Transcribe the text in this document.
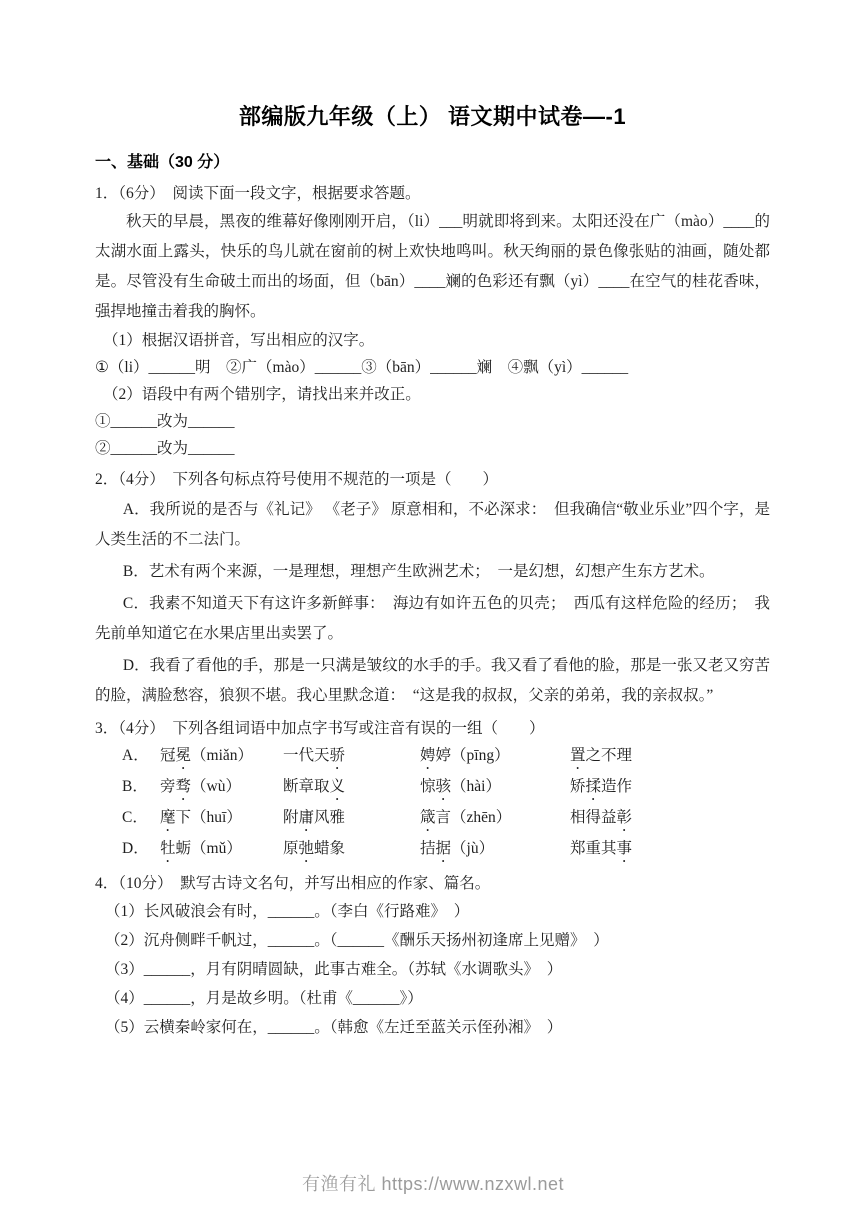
部编版九年级（上） 语文期中试卷—-1
一、基础（30 分）

1．（6分）　阅读下面一段文字，根据要求答题。

秋天的早晨，黑夜的维幕好像刚刚开启，（li）___明就即将到来。太阳还没在广（mào）____的太湖水面上露头，快乐的鸟儿就在窗前的树上欢快地鸣叫。秋天绚丽的景色像张贴的油画，随处都是。尽管没有生命破土而出的场面，但（bān）____斓的色彩还有飘（yì）____在空气的桂花香味，强捍地撞击着我的胸怀。

（1）根据汉语拼音，写出相应的汉字。

①（li）______明　②广（mào）______③（bān）______斓　④飘（yì）______

（2）语段中有两个错别字，请找出来并改正。

①______改为______

②______改为______

2．（4分）　下列各句标点符号使用不规范的一项是（　　）

A．我所说的是否与《礼记》 《老子》 原意相和，不必深求：　但我确信“敬业乐业”四个字，是人类生活的不二法门。

B．艺术有两个来源，一是理想，理想产生欧洲艺术；　一是幻想，幻想产生东方艺术。

C．我素不知道天下有这许多新鲜事：　海边有如许五色的贝壳；　西瓜有这样危险的经历；　我先前单知道它在水果店里出卖罢了。

D．我看了看他的手，那是一只满是皱纹的水手的手。我又看了看他的脸，那是一张又老又穷苦的脸，满脸愁容，狼狈不堪。我心里默念道：　“这是我的叔叔，父亲的弟弟，我的亲叔叔。”

3．（4分）　下列各组词语中加点字书写或注音有误的一组（　　）

A． 冠冕（miǎn）	一代天骄	娉婷（pīng）	置之不理
B． 旁骛（wù）	断章取义	惊骇（hài）	矫揉造作
C． 麾下（huī）	附庸风雅	箴言（zhēn）	相得益彰
D． 牡蛎（mǔ）	原弛蜡象	拮据（jù）	郑重其事

4．（10分）　默写古诗文名句，并写出相应的作家、篇名。

（1）长风破浪会有时，______。（李白《行路难》　）

（2）沉舟侧畔千帆过，______。（______《酬乐天扬州初逢席上见赠》　）

（3）______，月有阴晴圆缺，此事古难全。（苏轼《水调歌头》　）

（4）______，月是故乡明。（杜甫《______》）

（5）云横秦岭家何在，______。（韩愈《左迁至蓝关示侄孙湘》　）

有渔有礼 https://www.nzxwl.net
